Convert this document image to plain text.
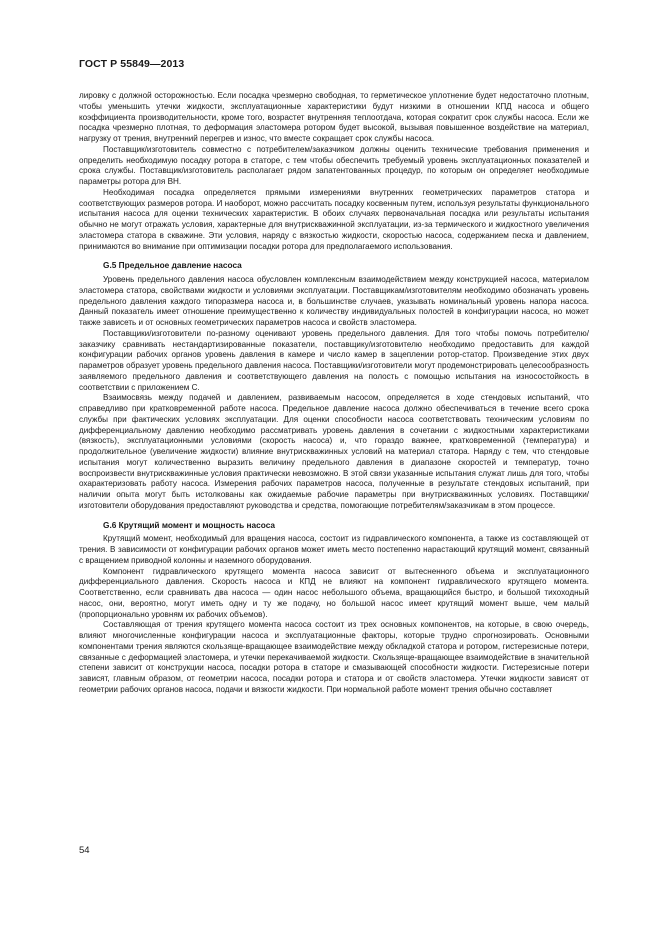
ГОСТ Р 55849—2013

лировку с должной осторожностью. Если посадка чрезмерно свободная, то герметическое уплотнение будет недостаточно плотным, чтобы уменьшить утечки жидкости, эксплуатационные характеристики будут низкими в отношении КПД насоса и общего коэффициента производительности, кроме того, возрастет внутренняя теплоотдача, которая сократит срок службы насоса. Если же посадка чрезмерно плотная, то деформация эластомера ротором будет высокой, вызывая повышенное воздействие на материал, нагрузку от трения, внутренний перегрев и износ, что вместе сокращает срок службы насоса.

Поставщик/изготовитель совместно с потребителем/заказчиком должны оценить технические требования применения и определить необходимую посадку ротора в статоре, с тем чтобы обеспечить требуемый уровень эксплуатационных показателей и срока службы. Поставщик/изготовитель располагает рядом запатентованных процедур, по которым он определяет необходимые параметры ротора для ВН.

Необходимая посадка определяется прямыми измерениями внутренних геометрических параметров статора и соответствующих размеров ротора. И наоборот, можно рассчитать посадку косвенным путем, используя результаты функционального испытания насоса для оценки технических характеристик. В обоих случаях первоначальная посадка или результаты испытания обычно не могут отражать условия, характерные для внутрискважинной эксплуатации, из-за термического и жидкостного увеличения эластомера статора в скважине. Эти условия, наряду с вязкостью жидкости, скоростью насоса, содержанием песка и давлением, принимаются во внимание при оптимизации посадки ротора для предполагаемого использования.

G.5 Предельное давление насоса

Уровень предельного давления насоса обусловлен комплексным взаимодействием между конструкцией насоса, материалом эластомера статора, свойствами жидкости и условиями эксплуатации. Поставщикам/изготовителям необходимо обозначать уровень предельного давления каждого типоразмера насоса и, в большинстве случаев, указывать номинальный уровень напора насоса. Данный показатель имеет отношение преимущественно к количеству индивидуальных полостей в конфигурации насоса, но может также зависеть и от основных геометрических параметров насоса и свойств эластомера.

Поставщики/изготовители по-разному оценивают уровень предельного давления. Для того чтобы помочь потребителю/заказчику сравнивать нестандартизированные показатели, поставщику/изготовителю необходимо предоставить для каждой конфигурации рабочих органов уровень давления в камере и число камер в зацеплении ротор-статор. Произведение этих двух параметров образует уровень предельного давления насоса. Поставщики/изготовители могут продемонстрировать целесообразность заявляемого предельного давления и соответствующего давления на полость с помощью испытания на износостойкость в соответствии с приложением С.

Взаимосвязь между подачей и давлением, развиваемым насосом, определяется в ходе стендовых испытаний, что справедливо при кратковременной работе насоса. Предельное давление насоса должно обеспечиваться в течение всего срока службы при фактических условиях эксплуатации. Для оценки способности насоса соответствовать техническим условиям по дифференциальному давлению необходимо рассматривать уровень давления в сочетании с жидкостными характеристиками (вязкость), эксплуатационными условиями (скорость насоса) и, что гораздо важнее, кратковременной (температура) и продолжительное (увеличение жидкости) влияние внутрискважинных условий на материал статора. Наряду с тем, что стендовые испытания могут количественно выразить величину предельного давления в диапазоне скоростей и температур, точно воспроизвести внутрискважинные условия практически невозможно. В этой связи указанные испытания служат лишь для того, чтобы охарактеризовать работу насоса. Измерения рабочих параметров насоса, полученные в результате стендовых испытаний, при наличии опыта могут быть истолкованы как ожидаемые рабочие параметры при внутрискважинных условиях. Поставщики/изготовители оборудования предоставляют руководства и средства, помогающие потребителям/заказчикам в этом процессе.

G.6 Крутящий момент и мощность насоса

Крутящий момент, необходимый для вращения насоса, состоит из гидравлического компонента, а также из составляющей от трения. В зависимости от конфигурации рабочих органов может иметь место постепенно нарастающий крутящий момент, связанный с вращением приводной колонны и наземного оборудования.

Компонент гидравлического крутящего момента насоса зависит от вытесненного объема и эксплуатационного дифференциального давления. Скорость насоса и КПД не влияют на компонент гидравлического крутящего момента. Соответственно, если сравнивать два насоса — один насос небольшого объема, вращающийся быстро, и большой тихоходный насос, они, вероятно, могут иметь одну и ту же подачу, но большой насос имеет крутящий момент выше, чем малый (пропорционально уровням их рабочих объемов).

Составляющая от трения крутящего момента насоса состоит из трех основных компонентов, на которые, в свою очередь, влияют многочисленные конфигурации насоса и эксплуатационные факторы, которые трудно спрогнозировать. Основными компонентами трения являются скользяще-вращающее взаимодействие между обкладкой статора и ротором, гистерезисные потери, связанные с деформацией эластомера, и утечки перекачиваемой жидкости. Скользяще-вращающее взаимодействие в значительной степени зависит от конструкции насоса, посадки ротора в статоре и смазывающей способности жидкости. Гистерезисные потери зависят, главным образом, от геометрии насоса, посадки ротора и статора и от свойств эластомера. Утечки жидкости зависят от геометрии рабочих органов насоса, подачи и вязкости жидкости. При нормальной работе момент трения обычно составляет

54
